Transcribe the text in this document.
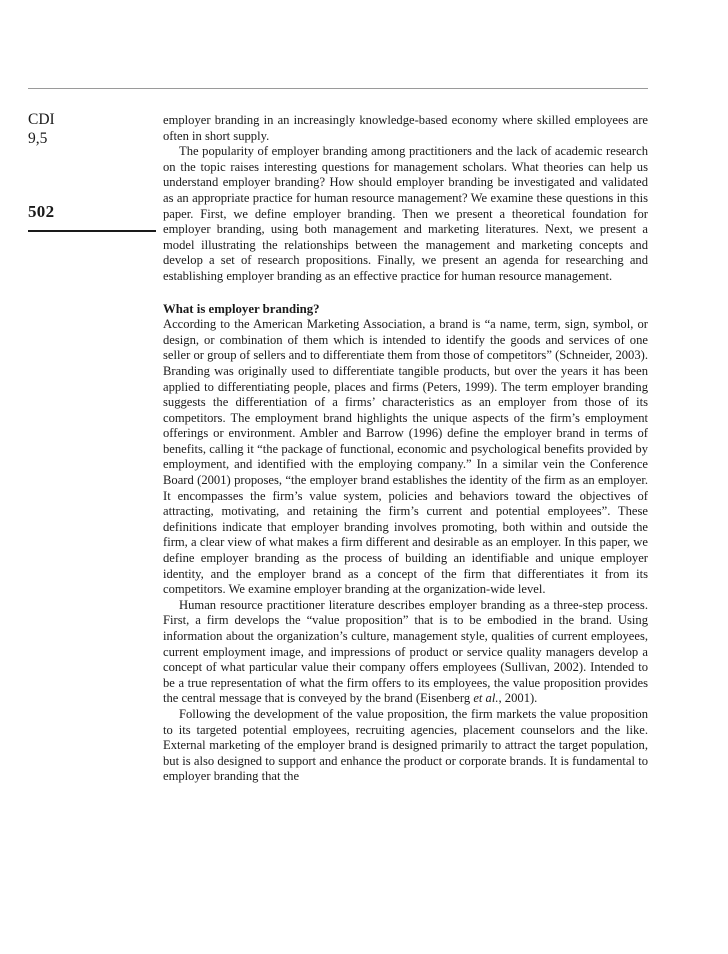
CDI

9,5

502

employer branding in an increasingly knowledge-based economy where skilled employees are often in short supply.

The popularity of employer branding among practitioners and the lack of academic research on the topic raises interesting questions for management scholars. What theories can help us understand employer branding? How should employer branding be investigated and validated as an appropriate practice for human resource management? We examine these questions in this paper. First, we define employer branding. Then we present a theoretical foundation for employer branding, using both management and marketing literatures. Next, we present a model illustrating the relationships between the management and marketing concepts and develop a set of research propositions. Finally, we present an agenda for researching and establishing employer branding as an effective practice for human resource management.

What is employer branding?

According to the American Marketing Association, a brand is “a name, term, sign, symbol, or design, or combination of them which is intended to identify the goods and services of one seller or group of sellers and to differentiate them from those of competitors” (Schneider, 2003). Branding was originally used to differentiate tangible products, but over the years it has been applied to differentiating people, places and firms (Peters, 1999). The term employer branding suggests the differentiation of a firms’ characteristics as an employer from those of its competitors. The employment brand highlights the unique aspects of the firm’s employment offerings or environment. Ambler and Barrow (1996) define the employer brand in terms of benefits, calling it “the package of functional, economic and psychological benefits provided by employment, and identified with the employing company.” In a similar vein the Conference Board (2001) proposes, “the employer brand establishes the identity of the firm as an employer. It encompasses the firm’s value system, policies and behaviors toward the objectives of attracting, motivating, and retaining the firm’s current and potential employees”. These definitions indicate that employer branding involves promoting, both within and outside the firm, a clear view of what makes a firm different and desirable as an employer. In this paper, we define employer branding as the process of building an identifiable and unique employer identity, and the employer brand as a concept of the firm that differentiates it from its competitors. We examine employer branding at the organization-wide level.

Human resource practitioner literature describes employer branding as a three-step process. First, a firm develops the “value proposition” that is to be embodied in the brand. Using information about the organization’s culture, management style, qualities of current employees, current employment image, and impressions of product or service quality managers develop a concept of what particular value their company offers employees (Sullivan, 2002). Intended to be a true representation of what the firm offers to its employees, the value proposition provides the central message that is conveyed by the brand (Eisenberg et al., 2001).

Following the development of the value proposition, the firm markets the value proposition to its targeted potential employees, recruiting agencies, placement counselors and the like. External marketing of the employer brand is designed primarily to attract the target population, but is also designed to support and enhance the product or corporate brands. It is fundamental to employer branding that the
